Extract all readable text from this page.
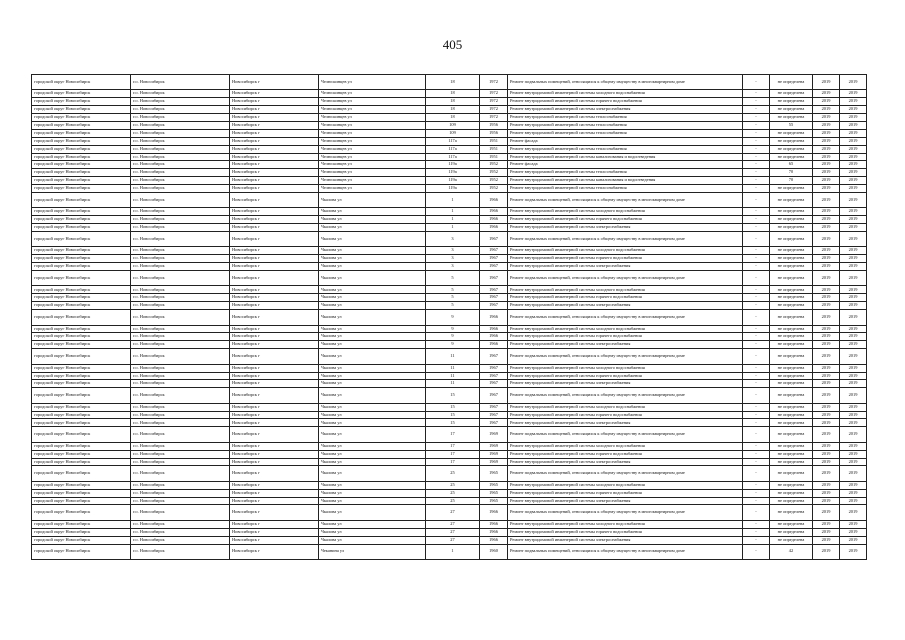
405
городской округ Новосибирск	г.о. Новосибирск	Новосибирск г	Челюскинцев ул	18	1972	Ремонт подвальных помещений, относящихся к общему имуществу в многоквартирном доме	-	не определена	2019	2019
городской округ Новосибирск	г.о. Новосибирск	Новосибирск г	Челюскинцев ул	18	1972	Ремонт внутридомовой инженерной системы холодного водоснабжения	-	не определена	2019	2019
городской округ Новосибирск	г.о. Новосибирск	Новосибирск г	Челюскинцев ул	18	1972	Ремонт внутридомовой инженерной системы горячего водоснабжения	-	не определена	2019	2019
городской округ Новосибирск	г.о. Новосибирск	Новосибирск г	Челюскинцев ул	18	1972	Ремонт внутридомовой инженерной системы электроснабжения	-	не определена	2019	2019
городской округ Новосибирск	г.о. Новосибирск	Новосибирск г	Челюскинцев ул	18	1972	Ремонт внутридомовой инженерной системы теплоснабжения	-	не определена	2019	2019
городской округ Новосибирск	г.о. Новосибирск	Новосибирск г	Челюскинцев ул	109	1956	Ремонт внутридомовой инженерной системы теплоснабжения	-	55	2019	2019
городской округ Новосибирск	г.о. Новосибирск	Новосибирск г	Челюскинцев ул	109	1956	Ремонт внутридомовой инженерной системы теплоснабжения	-	не определена	2019	2019
городской округ Новосибирск	г.о. Новосибирск	Новосибирск г	Челюскинцев ул	117а	1951	Ремонт фасада	-	не определена	2019	2019
городской округ Новосибирск	г.о. Новосибирск	Новосибирск г	Челюскинцев ул	117а	1951	Ремонт внутридомовой инженерной системы теплоснабжения	-	не определена	2019	2019
городской округ Новосибирск	г.о. Новосибирск	Новосибирск г	Челюскинцев ул	117а	1951	Ремонт внутридомовой инженерной системы канализования и водоотведения	-	не определена	2019	2019
городской округ Новосибирск	г.о. Новосибирск	Новосибирск г	Челюскинцев ул	119а	1952	Ремонт фасада	-	65	2019	2019
городской округ Новосибирск	г.о. Новосибирск	Новосибирск г	Челюскинцев ул	119а	1952	Ремонт внутридомовой инженерной системы теплоснабжения	-	70	2019	2019
городской округ Новосибирск	г.о. Новосибирск	Новосибирск г	Челюскинцев ул	119а	1952	Ремонт внутридомовой инженерной системы канализования и водоотведения	-	70	2019	2019
городской округ Новосибирск	г.о. Новосибирск	Новосибирск г	Челюскинцев ул	119а	1952	Ремонт внутридомовой инженерной системы теплоснабжения	-	не определена	2019	2019
городской округ Новосибирск	г.о. Новосибирск	Новосибирск г	Чкалова ул	1	1966	Ремонт подвальных помещений, относящихся к общему имуществу в многоквартирном доме	-	не определена	2019	2019
городской округ Новосибирск	г.о. Новосибирск	Новосибирск г	Чкалова ул	1	1966	Ремонт внутридомовой инженерной системы холодного водоснабжения	-	не определена	2019	2019
городской округ Новосибирск	г.о. Новосибирск	Новосибирск г	Чкалова ул	1	1966	Ремонт внутридомовой инженерной системы горячего водоснабжения	-	не определена	2019	2019
городской округ Новосибирск	г.о. Новосибирск	Новосибирск г	Чкалова ул	1	1966	Ремонт внутридомовой инженерной системы электроснабжения	-	не определена	2019	2019
городской округ Новосибирск	г.о. Новосибирск	Новосибирск г	Чкалова ул	3	1967	Ремонт подвальных помещений, относящихся к общему имуществу в многоквартирном доме	-	не определена	2019	2019
городской округ Новосибирск	г.о. Новосибирск	Новосибирск г	Чкалова ул	3	1967	Ремонт внутридомовой инженерной системы холодного водоснабжения	-	не определена	2019	2019
городской округ Новосибирск	г.о. Новосибирск	Новосибирск г	Чкалова ул	3	1967	Ремонт внутридомовой инженерной системы горячего водоснабжения	-	не определена	2019	2019
городской округ Новосибирск	г.о. Новосибирск	Новосибирск г	Чкалова ул	3	1967	Ремонт внутридомовой инженерной системы электроснабжения	-	не определена	2019	2019
городской округ Новосибирск	г.о. Новосибирск	Новосибирск г	Чкалова ул	5	1967	Ремонт подвальных помещений, относящихся к общему имуществу в многоквартирном доме	-	не определена	2019	2019
городской округ Новосибирск	г.о. Новосибирск	Новосибирск г	Чкалова ул	5	1967	Ремонт внутридомовой инженерной системы холодного водоснабжения	-	не определена	2019	2019
городской округ Новосибирск	г.о. Новосибирск	Новосибирск г	Чкалова ул	5	1967	Ремонт внутридомовой инженерной системы горячего водоснабжения	-	не определена	2019	2019
городской округ Новосибирск	г.о. Новосибирск	Новосибирск г	Чкалова ул	5	1967	Ремонт внутридомовой инженерной системы электроснабжения	-	не определена	2019	2019
городской округ Новосибирск	г.о. Новосибирск	Новосибирск г	Чкалова ул	9	1966	Ремонт подвальных помещений, относящихся к общему имуществу в многоквартирном доме	-	не определена	2019	2019
городской округ Новосибирск	г.о. Новосибирск	Новосибирск г	Чкалова ул	9	1966	Ремонт внутридомовой инженерной системы холодного водоснабжения	-	не определена	2019	2019
городской округ Новосибирск	г.о. Новосибирск	Новосибирск г	Чкалова ул	9	1966	Ремонт внутридомовой инженерной системы горячего водоснабжения	-	не определена	2019	2019
городской округ Новосибирск	г.о. Новосибирск	Новосибирск г	Чкалова ул	9	1966	Ремонт внутридомовой инженерной системы электроснабжения	-	не определена	2019	2019
городской округ Новосибирск	г.о. Новосибирск	Новосибирск г	Чкалова ул	11	1967	Ремонт подвальных помещений, относящихся к общему имуществу в многоквартирном доме	-	не определена	2019	2019
городской округ Новосибирск	г.о. Новосибирск	Новосибирск г	Чкалова ул	11	1967	Ремонт внутридомовой инженерной системы холодного водоснабжения	-	не определена	2019	2019
городской округ Новосибирск	г.о. Новосибирск	Новосибирск г	Чкалова ул	11	1967	Ремонт внутридомовой инженерной системы горячего водоснабжения	-	не определена	2019	2019
городской округ Новосибирск	г.о. Новосибирск	Новосибирск г	Чкалова ул	11	1967	Ремонт внутридомовой инженерной системы электроснабжения	-	не определена	2019	2019
городской округ Новосибирск	г.о. Новосибирск	Новосибирск г	Чкалова ул	15	1967	Ремонт подвальных помещений, относящихся к общему имуществу в многоквартирном доме	-	не определена	2019	2019
городской округ Новосибирск	г.о. Новосибирск	Новосибирск г	Чкалова ул	15	1967	Ремонт внутридомовой инженерной системы холодного водоснабжения	-	не определена	2019	2019
городской округ Новосибирск	г.о. Новосибирск	Новосибирск г	Чкалова ул	15	1967	Ремонт внутридомовой инженерной системы горячего водоснабжения	-	не определена	2019	2019
городской округ Новосибирск	г.о. Новосибирск	Новосибирск г	Чкалова ул	15	1967	Ремонт внутридомовой инженерной системы электроснабжения	-	не определена	2019	2019
городской округ Новосибирск	г.о. Новосибирск	Новосибирск г	Чкалова ул	17	1969	Ремонт подвальных помещений, относящихся к общему имуществу в многоквартирном доме	-	не определена	2019	2019
городской округ Новосибирск	г.о. Новосибирск	Новосибирск г	Чкалова ул	17	1969	Ремонт внутридомовой инженерной системы холодного водоснабжения	-	не определена	2019	2019
городской округ Новосибирск	г.о. Новосибирск	Новосибирск г	Чкалова ул	17	1969	Ремонт внутридомовой инженерной системы горячего водоснабжения	-	не определена	2019	2019
городской округ Новосибирск	г.о. Новосибирск	Новосибирск г	Чкалова ул	17	1969	Ремонт внутридомовой инженерной системы электроснабжения	-	не определена	2019	2019
городской округ Новосибирск	г.о. Новосибирск	Новосибирск г	Чкалова ул	25	1965	Ремонт подвальных помещений, относящихся к общему имуществу в многоквартирном доме	-	не определена	2019	2019
городской округ Новосибирск	г.о. Новосибирск	Новосибирск г	Чкалова ул	25	1965	Ремонт внутридомовой инженерной системы холодного водоснабжения	-	не определена	2019	2019
городской округ Новосибирск	г.о. Новосибирск	Новосибирск г	Чкалова ул	25	1965	Ремонт внутридомовой инженерной системы горячего водоснабжения	-	не определена	2019	2019
городской округ Новосибирск	г.о. Новосибирск	Новосибирск г	Чкалова ул	25	1965	Ремонт внутридомовой инженерной системы электроснабжения	-	не определена	2019	2019
городской округ Новосибирск	г.о. Новосибирск	Новосибирск г	Чкалова ул	27	1966	Ремонт подвальных помещений, относящихся к общему имуществу в многоквартирном доме	-	не определена	2019	2019
городской округ Новосибирск	г.о. Новосибирск	Новосибирск г	Чкалова ул	27	1966	Ремонт внутридомовой инженерной системы холодного водоснабжения	-	не определена	2019	2019
городской округ Новосибирск	г.о. Новосибирск	Новосибирск г	Чкалова ул	27	1966	Ремонт внутридомовой инженерной системы горячего водоснабжения	-	не определена	2019	2019
городской округ Новосибирск	г.о. Новосибирск	Новосибирск г	Чкалова ул	27	1966	Ремонт внутридомовой инженерной системы электроснабжения	-	не определена	2019	2019
городской округ Новосибирск	г.о. Новосибирск	Новосибирск г	Чеканина ул	1	1960	Ремонт подвальных помещений, относящихся к общему имуществу в многоквартирном доме	-	42	2019	2019
